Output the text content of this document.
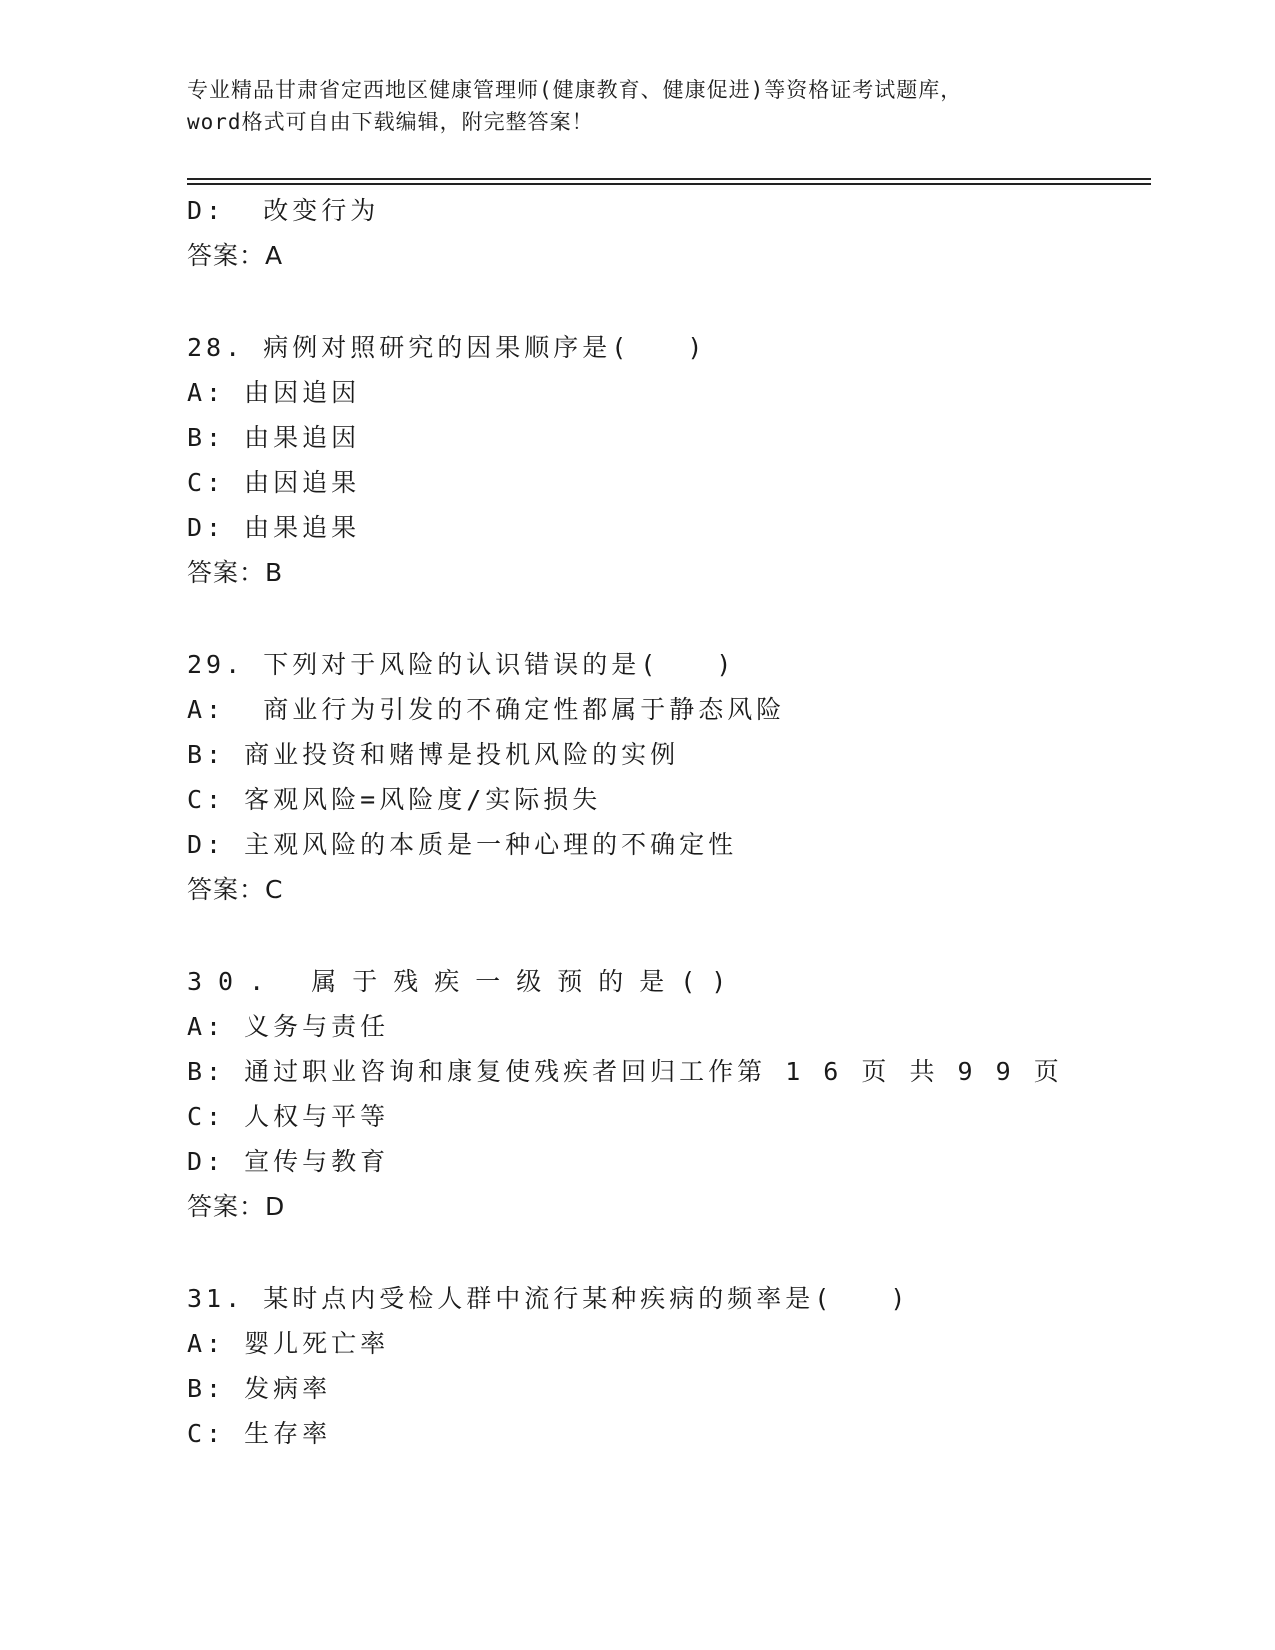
专业精品甘肃省定西地区健康管理师(健康教育、健康促进)等资格证考试题库，
word格式可自由下载编辑，附完整答案！
D:  改变行为
答案：A
28. 病例对照研究的因果顺序是(   )
A: 由因追因
B: 由果追因
C: 由因追果
D: 由果追果
答案：B
29. 下列对于风险的认识错误的是(   )
A:  商业行为引发的不确定性都属于静态风险
B: 商业投资和赌博是投机风险的实例
C: 客观风险=风险度/实际损失
D: 主观风险的本质是一种心理的不确定性
答案：C
30. 属于残疾一级预的是()
A: 义务与责任
B: 通过职业咨询和康复使残疾者回归工作第 1 6 页 共 9 9 页
C: 人权与平等
D: 宣传与教育
答案：D
31. 某时点内受检人群中流行某种疾病的频率是(   )
A: 婴儿死亡率
B: 发病率
C: 生存率
